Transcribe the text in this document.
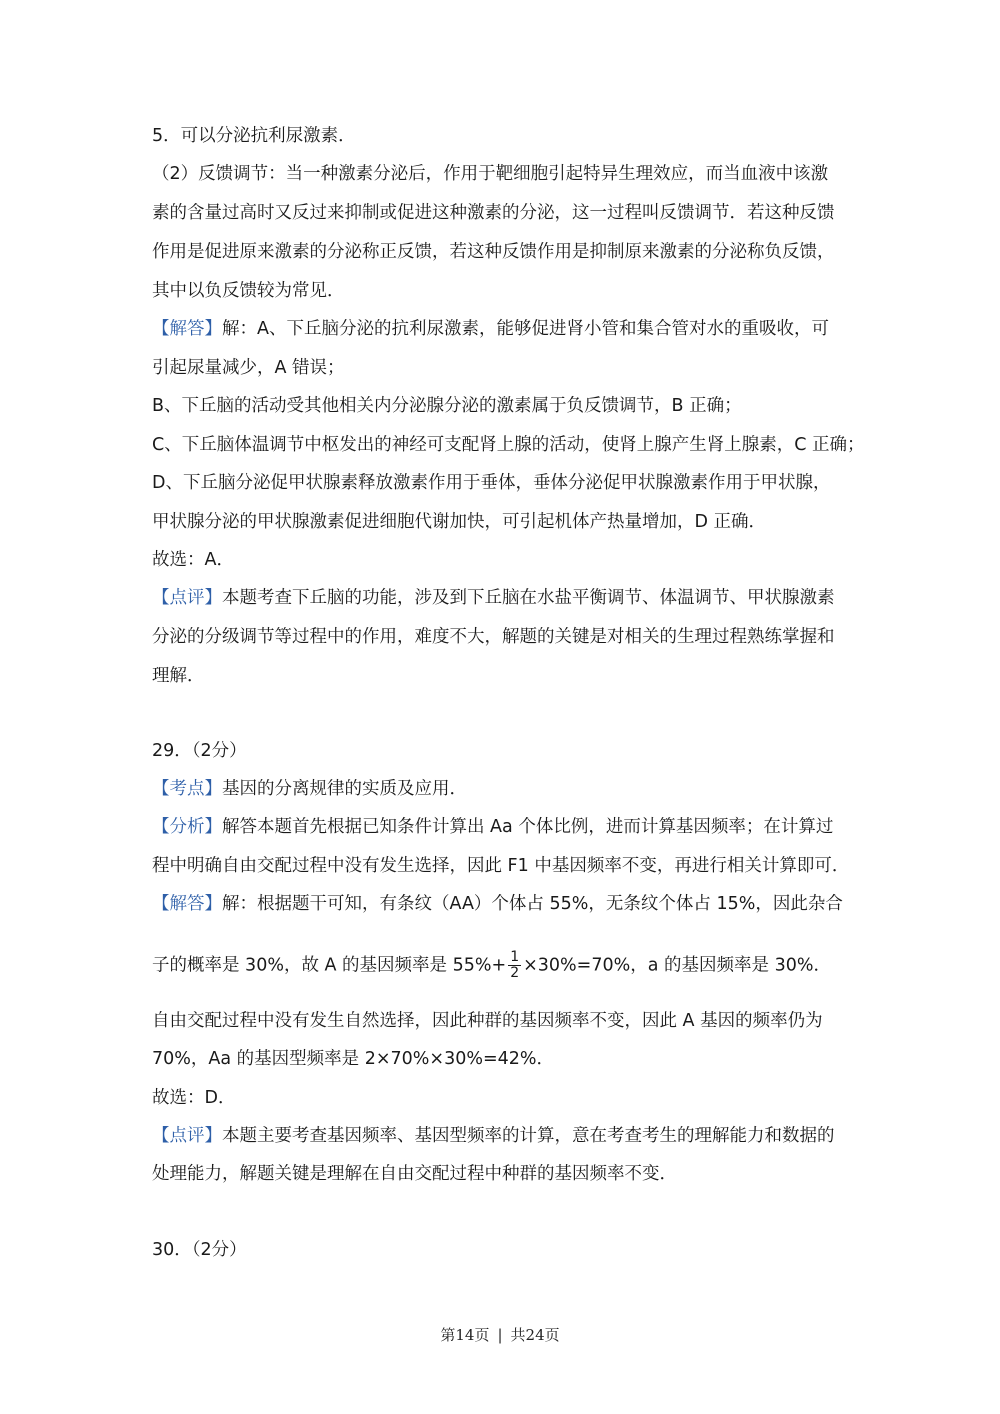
5．可以分泌抗利尿激素．
（2）反馈调节：当一种激素分泌后，作用于靶细胞引起特异生理效应，而当血液中该激
素的含量过高时又反过来抑制或促进这种激素的分泌，这一过程叫反馈调节．若这种反馈
作用是促进原来激素的分泌称正反馈，若这种反馈作用是抑制原来激素的分泌称负反馈，
其中以负反馈较为常见．
【解答】解：A、下丘脑分泌的抗利尿激素，能够促进肾小管和集合管对水的重吸收，可
引起尿量减少，A 错误；
B、下丘脑的活动受其他相关内分泌腺分泌的激素属于负反馈调节，B 正确；
C、下丘脑体温调节中枢发出的神经可支配肾上腺的活动，使肾上腺产生肾上腺素，C 正确；
D、下丘脑分泌促甲状腺素释放激素作用于垂体，垂体分泌促甲状腺激素作用于甲状腺，
甲状腺分泌的甲状腺激素促进细胞代谢加快，可引起机体产热量增加，D 正确．
故选：A．
【点评】本题考查下丘脑的功能，涉及到下丘脑在水盐平衡调节、体温调节、甲状腺激素
分泌的分级调节等过程中的作用，难度不大，解题的关键是对相关的生理过程熟练掌握和
理解．
29．（2分）
【考点】基因的分离规律的实质及应用．
【分析】解答本题首先根据已知条件计算出 Aa 个体比例，进而计算基因频率；在计算过
程中明确自由交配过程中没有发生选择，因此 F1 中基因频率不变，再进行相关计算即可．
【解答】解：根据题干可知，有条纹（AA）个体占 55%，无条纹个体占 15%，因此杂合
子的概率是 30%，故 A 的基因频率是 $55\%+ \frac{1}{2} \times 30\%=70\%$，a 的基因频率是 30%．
自由交配过程中没有发生自然选择，因此种群的基因频率不变，因此 A 基因的频率仍为
70%，Aa 的基因型频率是 2×70%×30%=42%．
故选：D．
【点评】本题主要考查基因频率、基因型频率的计算，意在考查考生的理解能力和数据的
处理能力，解题关键是理解在自由交配过程中种群的基因频率不变．
30．（2分）
第14页 | 共24页
